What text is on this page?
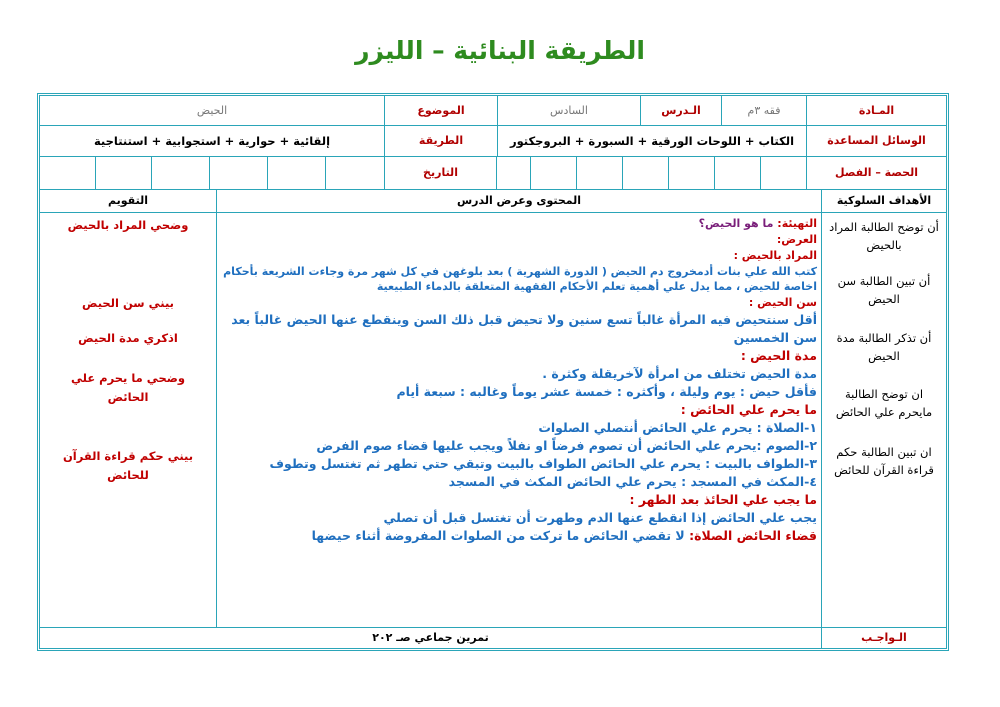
الطريقة البنائية – الليزر
المـادة
فقه ٣م
الـدرس
السادس
الموضوع
الحيض
الوسائل المساعدة
الكتاب + اللوحات الورقية + السبورة + البروجكتور
الطريقة
إلقائية + حوارية + استجوابية + استنتاجية
الحصة – الفصل
التاريخ
الأهداف السلوكية
المحتوى وعرض الدرس
التقويم
أن توضح الطالبة المراد بالحيض
أن تبين الطالبة سن الحيض
أن تذكر الطالبة مدة الحيض
ان توضح الطالبة مايحرم علي الحائض
ان تبين الطالبة حكم قراءة القرآن للحائض

التهيئة: ما هو الحيض؟

العرض:

المراد بالحيض :

كتب الله علي بنات أدمخروج دم الحيض ( الدورة الشهرية ) بعد بلوغهن في كل شهر مرة وجاءت الشريعة بأحكام اخاصة للحيض ، مما يدل علي أهمية تعلم الأحكام الفقهية المتعلقة بالدماء الطبيعية

سن الحيض :

أقل سنتحيض فيه المرأة غالباً تسع سنين ولا تحيض قبل ذلك السن وينقطع عنها الحيض غالباً بعد سن الخمسين

مدة الحيض :

مدة الحيض تختلف من امرأة لآخريقلة وكثرة .

فأقل حيض : يوم وليلة ، وأكثره : خمسة عشر يوماً وغالبه : سبعة أيام

ما يحرم علي الحائض :

١-الصلاة : يحرم علي الحائض أنتصلي الصلوات

٢-الصوم :يحرم علي الحائض أن تصوم فرضاً او نفلاً ويجب عليها قضاء صوم الفرض

٣-الطواف بالبيت : يحرم علي الحائض الطواف بالبيت وتبقي حتي تطهر ثم تغتسل وتطوف

٤-المكث في المسجد : يحرم علي الحائض المكث في المسجد

ما يجب علي الحائذ بعد الطهر :

يجب علي الحائض إذا انقطع عنها الدم وطهرت أن تغتسل قبل أن تصلي

قضاء الحائض الصلاة: لا تقضي الحائض ما تركت من الصلوات المفروضة أثناء حيضها

وضحي المراد بالحيض
بيني سن الحيض
اذكري مدة الحيض
وضحي ما يحرم علي الحائض
بيني حكم قراءة القرآن للحائض
الـواجـب
تمرين جماعي صـ ٢٠٢
